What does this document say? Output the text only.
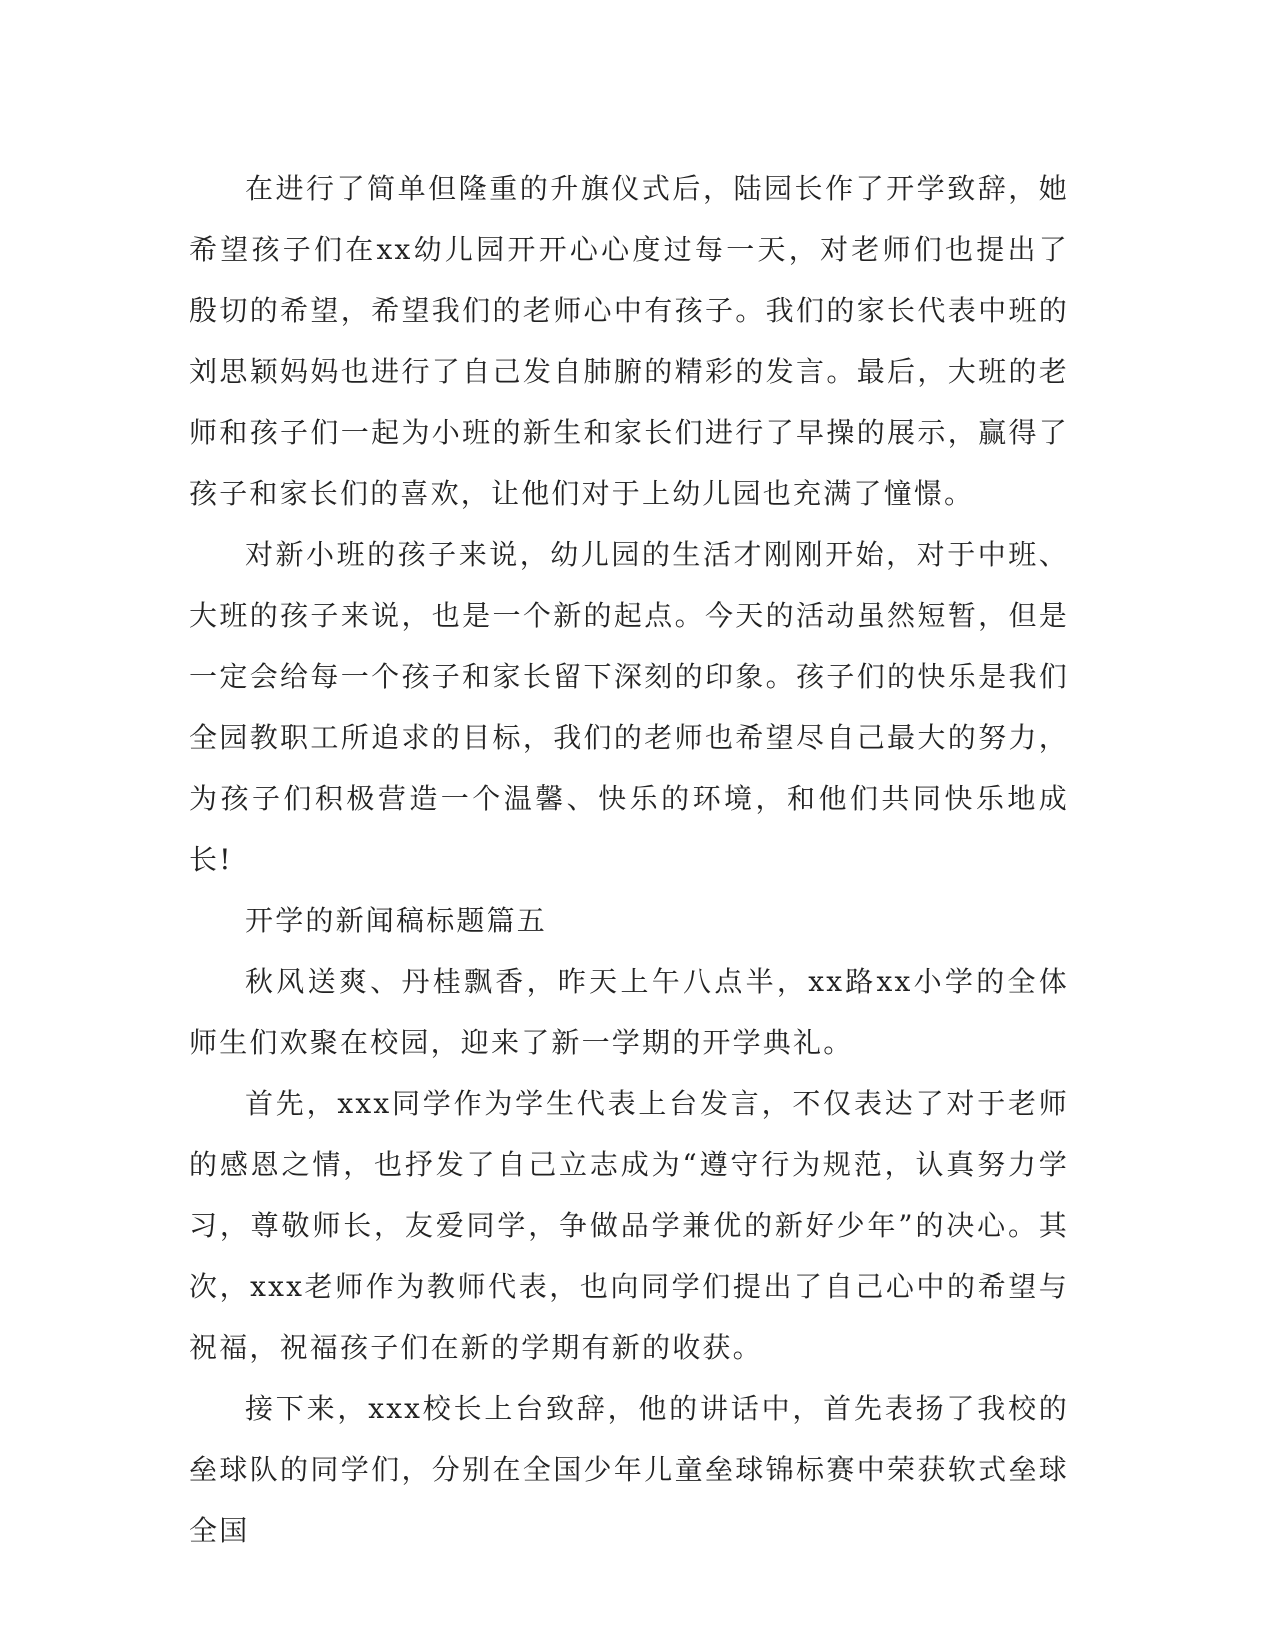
在进行了简单但隆重的升旗仪式后，陆园长作了开学致辞，她希望孩子们在xx幼儿园开开心心度过每一天，对老师们也提出了殷切的希望，希望我们的老师心中有孩子。我们的家长代表中班的刘思颖妈妈也进行了自己发自肺腑的精彩的发言。最后，大班的老师和孩子们一起为小班的新生和家长们进行了早操的展示，赢得了孩子和家长们的喜欢，让他们对于上幼儿园也充满了憧憬。

对新小班的孩子来说，幼儿园的生活才刚刚开始，对于中班、大班的孩子来说，也是一个新的起点。今天的活动虽然短暂，但是一定会给每一个孩子和家长留下深刻的印象。孩子们的快乐是我们全园教职工所追求的目标，我们的老师也希望尽自己最大的努力，为孩子们积极营造一个温馨、快乐的环境，和他们共同快乐地成长!

开学的新闻稿标题篇五

秋风送爽、丹桂飘香，昨天上午八点半，xx路xx小学的全体师生们欢聚在校园，迎来了新一学期的开学典礼。

首先，xxx同学作为学生代表上台发言，不仅表达了对于老师的感恩之情，也抒发了自己立志成为“遵守行为规范，认真努力学习，尊敬师长，友爱同学，争做品学兼优的新好少年”的决心。其次，xxx老师作为教师代表，也向同学们提出了自己心中的希望与祝福，祝福孩子们在新的学期有新的收获。

接下来，xxx校长上台致辞，他的讲话中，首先表扬了我校的垒球队的同学们，分别在全国少年儿童垒球锦标赛中荣获软式垒球全国
